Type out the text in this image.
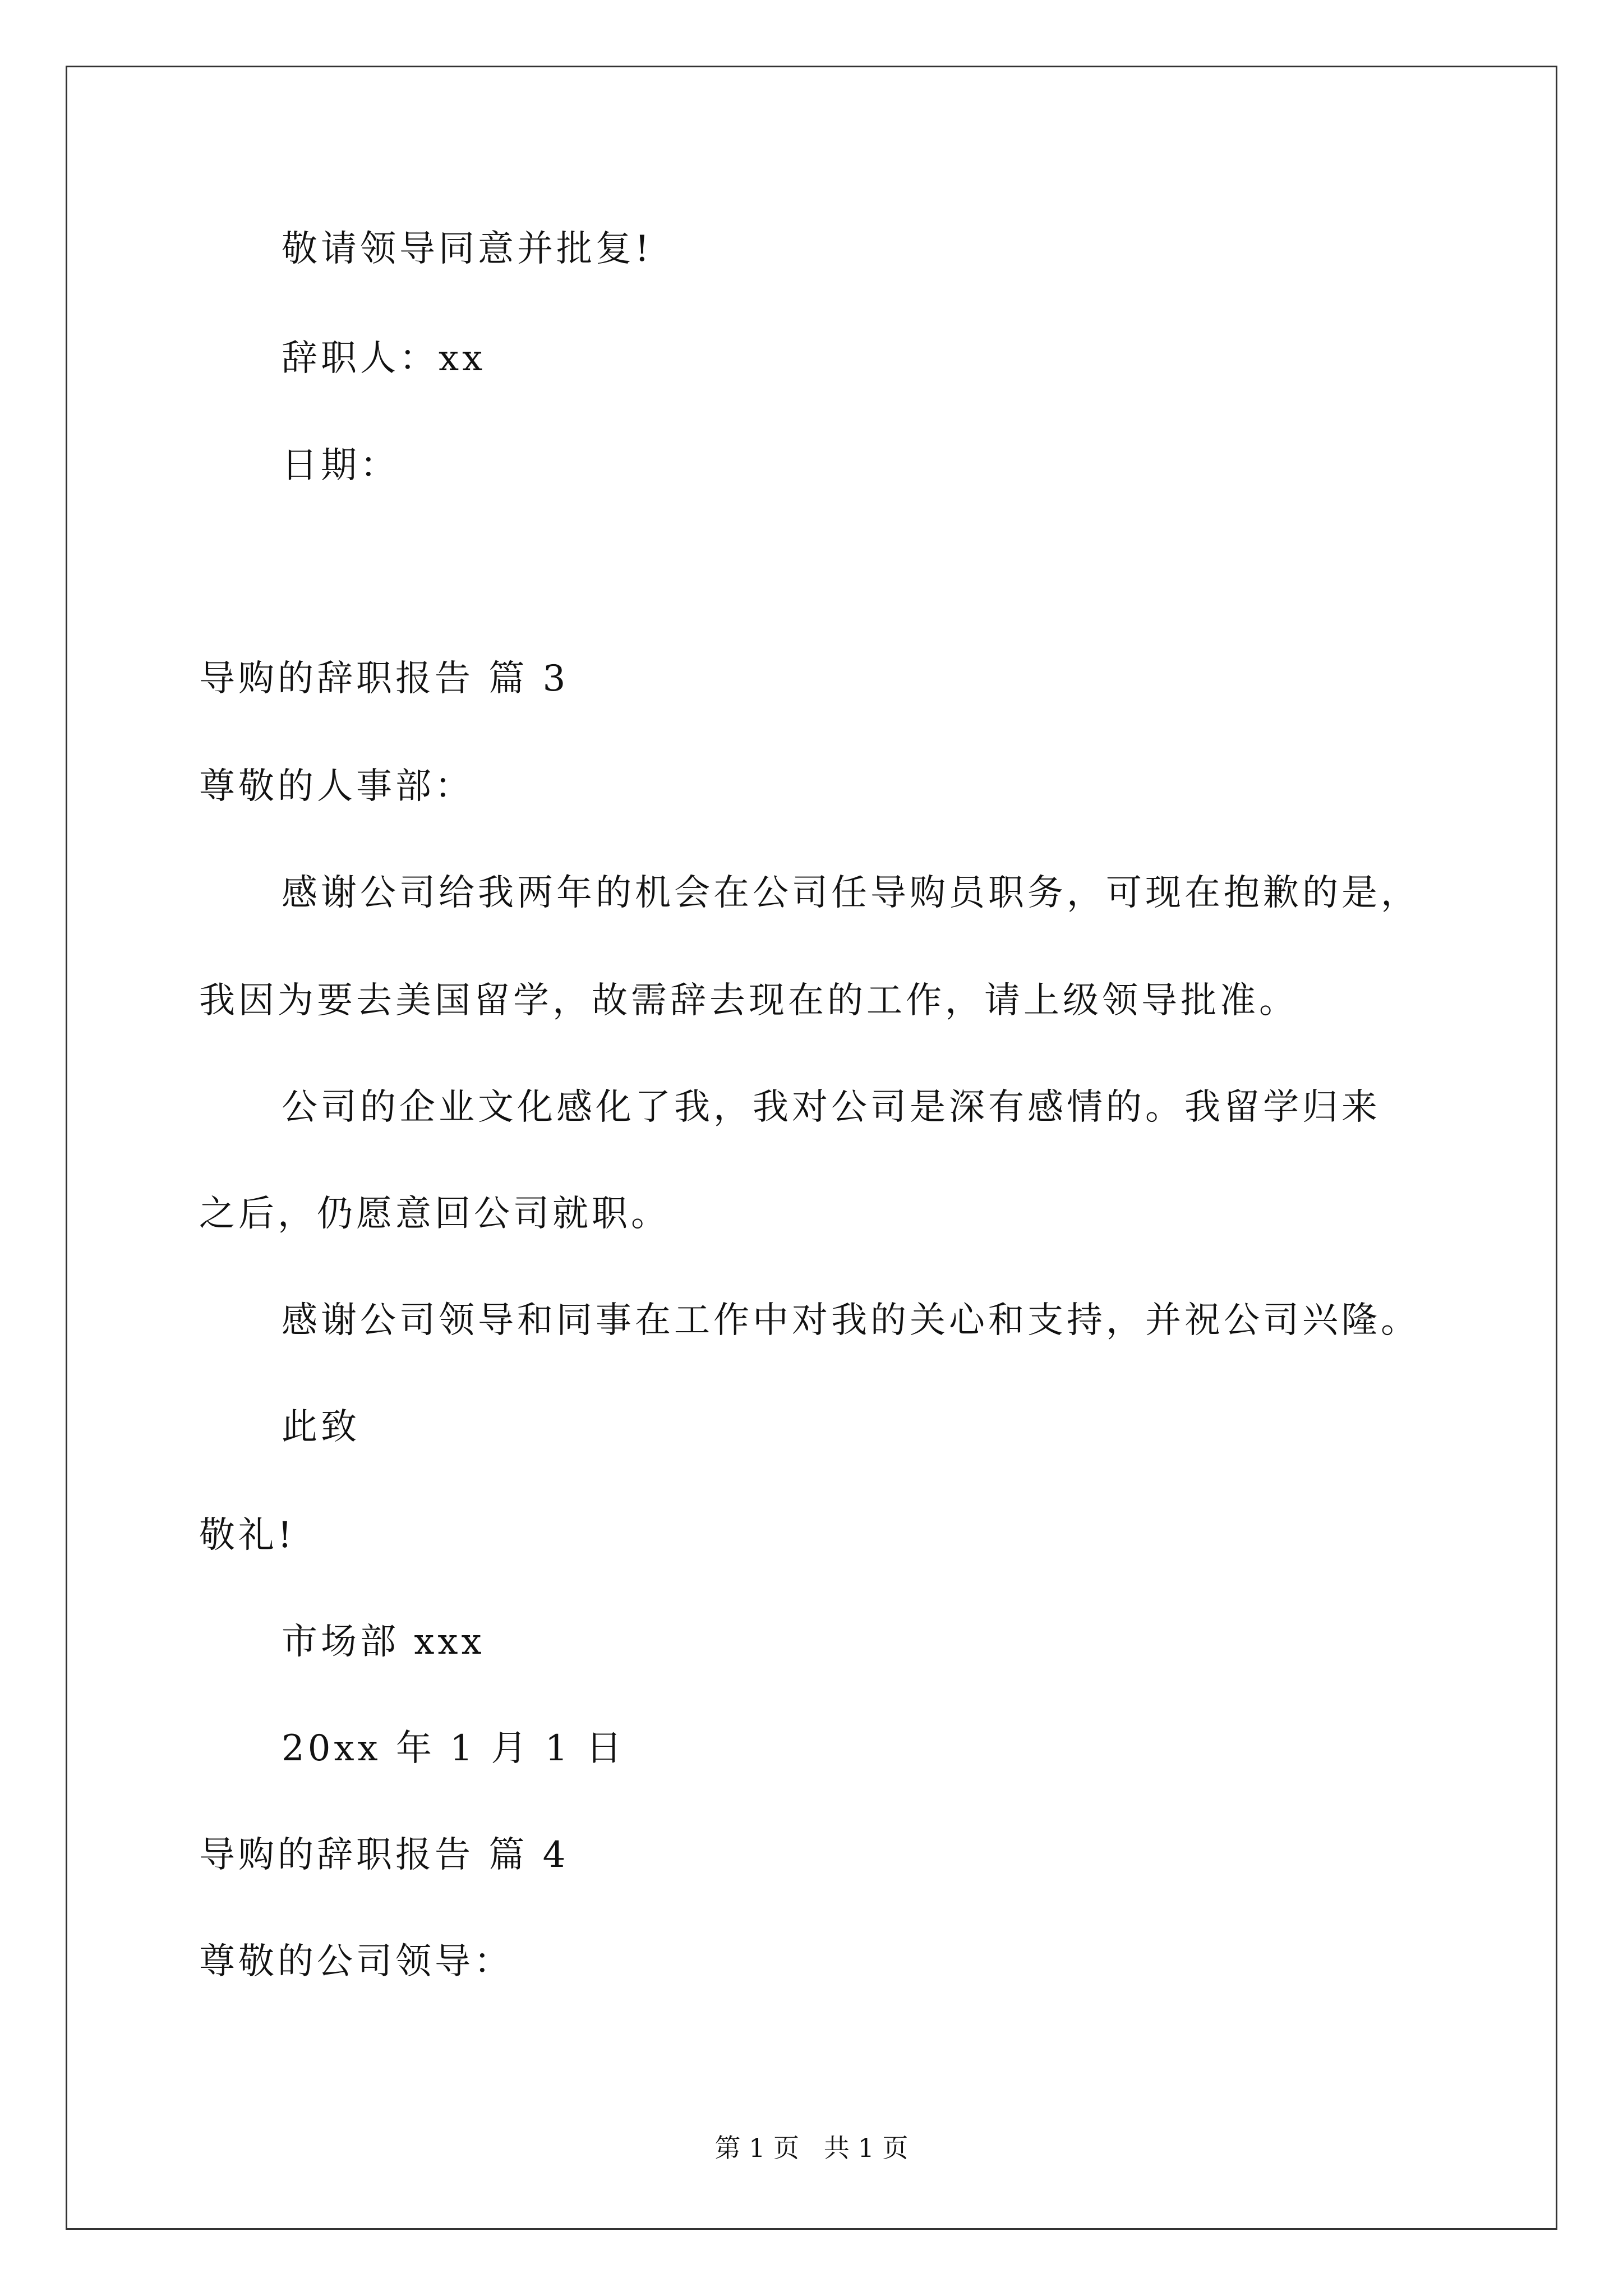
敬请领导同意并批复!
辞职人：xx
日期：
导购的辞职报告 篇 3
尊敬的人事部：
感谢公司给我两年的机会在公司任导购员职务，可现在抱歉的是，
我因为要去美国留学，故需辞去现在的工作，请上级领导批准。
公司的企业文化感化了我，我对公司是深有感情的。我留学归来
之后，仍愿意回公司就职。
感谢公司领导和同事在工作中对我的关心和支持，并祝公司兴隆。
此致
敬礼!
市场部 xxx
20xx 年 1 月 1 日
导购的辞职报告 篇 4
尊敬的公司领导：
第 1 页   共 1 页
